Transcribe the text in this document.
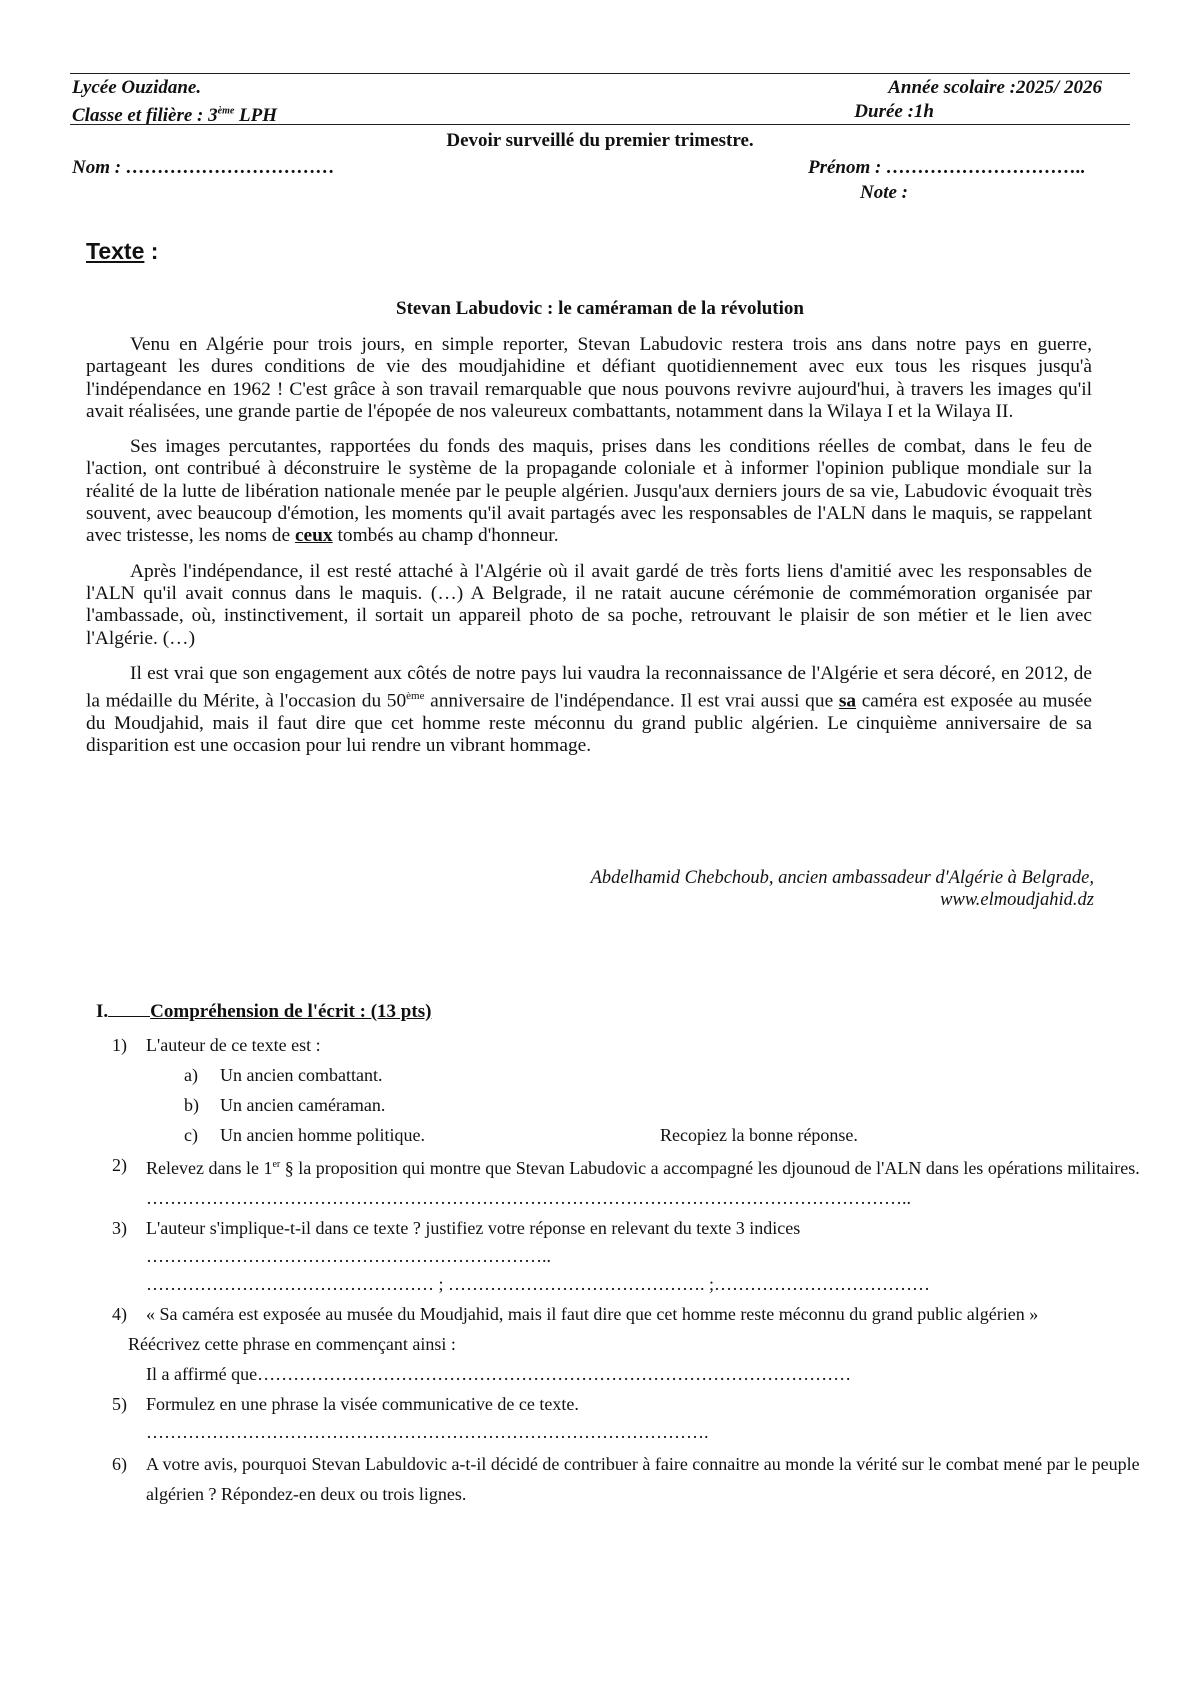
Lycée Ouzidane.	Année scolaire :2025/ 2026
Classe et filière : 3ème LPH	Durée :1h
Devoir surveillé du premier trimestre.
Nom : ……………………………	Prénom : …………………………..
Note :
Texte :
Stevan Labudovic : le caméraman de la révolution

Venu en Algérie pour trois jours, en simple reporter, Stevan Labudovic restera trois ans dans notre pays en guerre, partageant les dures conditions de vie des moudjahidine et défiant quotidiennement avec eux tous les risques jusqu'à l'indépendance en 1962 ! C'est grâce à son travail remarquable que nous pouvons revivre aujourd'hui, à travers les images qu'il avait réalisées, une grande partie de l'épopée de nos valeureux combattants, notamment dans la Wilaya I et la Wilaya II.

Ses images percutantes, rapportées du fonds des maquis, prises dans les conditions réelles de combat, dans le feu de l'action, ont contribué à déconstruire le système de la propagande coloniale et à informer l'opinion publique mondiale sur la réalité de la lutte de libération nationale menée par le peuple algérien. Jusqu'aux derniers jours de sa vie, Labudovic évoquait très souvent, avec beaucoup d'émotion, les moments qu'il avait partagés avec les responsables de l'ALN dans le maquis, se rappelant avec tristesse, les noms de ceux tombés au champ d'honneur.

Après l'indépendance, il est resté attaché à l'Algérie où il avait gardé de très forts liens d'amitié avec les responsables de l'ALN qu'il avait connus dans le maquis. (…) A Belgrade, il ne ratait aucune cérémonie de commémoration organisée par l'ambassade, où, instinctivement, il sortait un appareil photo de sa poche, retrouvant le plaisir de son métier et le lien avec l'Algérie. (…)

Il est vrai que son engagement aux côtés de notre pays lui vaudra la reconnaissance de l'Algérie et sera décoré, en 2012, de la médaille du Mérite, à l'occasion du 50ème anniversaire de l'indépendance. Il est vrai aussi que sa caméra est exposée au musée du Moudjahid, mais il faut dire que cet homme reste méconnu du grand public algérien. Le cinquième anniversaire de sa disparition est une occasion pour lui rendre un vibrant hommage.

Abdelhamid Chebchoub, ancien ambassadeur d'Algérie à Belgrade,
www.elmoudjahid.dz
I. Compréhension de l'écrit : (13 pts)
1) L'auteur de ce texte est :
a) Un ancien combattant.
b) Un ancien caméraman.
c) Un ancien homme politique.	Recopiez la bonne réponse.
2) Relevez dans le 1er § la proposition qui montre que Stevan Labudovic a accompagné les djounoud de l'ALN dans les opérations militaires.
………………………………………………………………………………………………………………..
3) L'auteur s'implique-t-il dans ce texte ? justifiez votre réponse en relevant du texte 3 indices
…………………………………………………………..
………………………………………… ; ……………………………………. ;………………………………
4) « Sa caméra est exposée au musée du Moudjahid, mais il faut dire que cet homme reste méconnu du grand public algérien »
Réécrivez cette phrase en commençant ainsi :
Il a affirmé que………………………………………………………………………………………
5) Formulez en une phrase la visée communicative de ce texte.
………………………………………………………………………………….
6) A votre avis, pourquoi Stevan Labuldovic a-t-il décidé de contribuer à faire connaitre au monde la vérité sur le combat mené par le peuple algérien ? Répondez-en deux ou trois lignes.
